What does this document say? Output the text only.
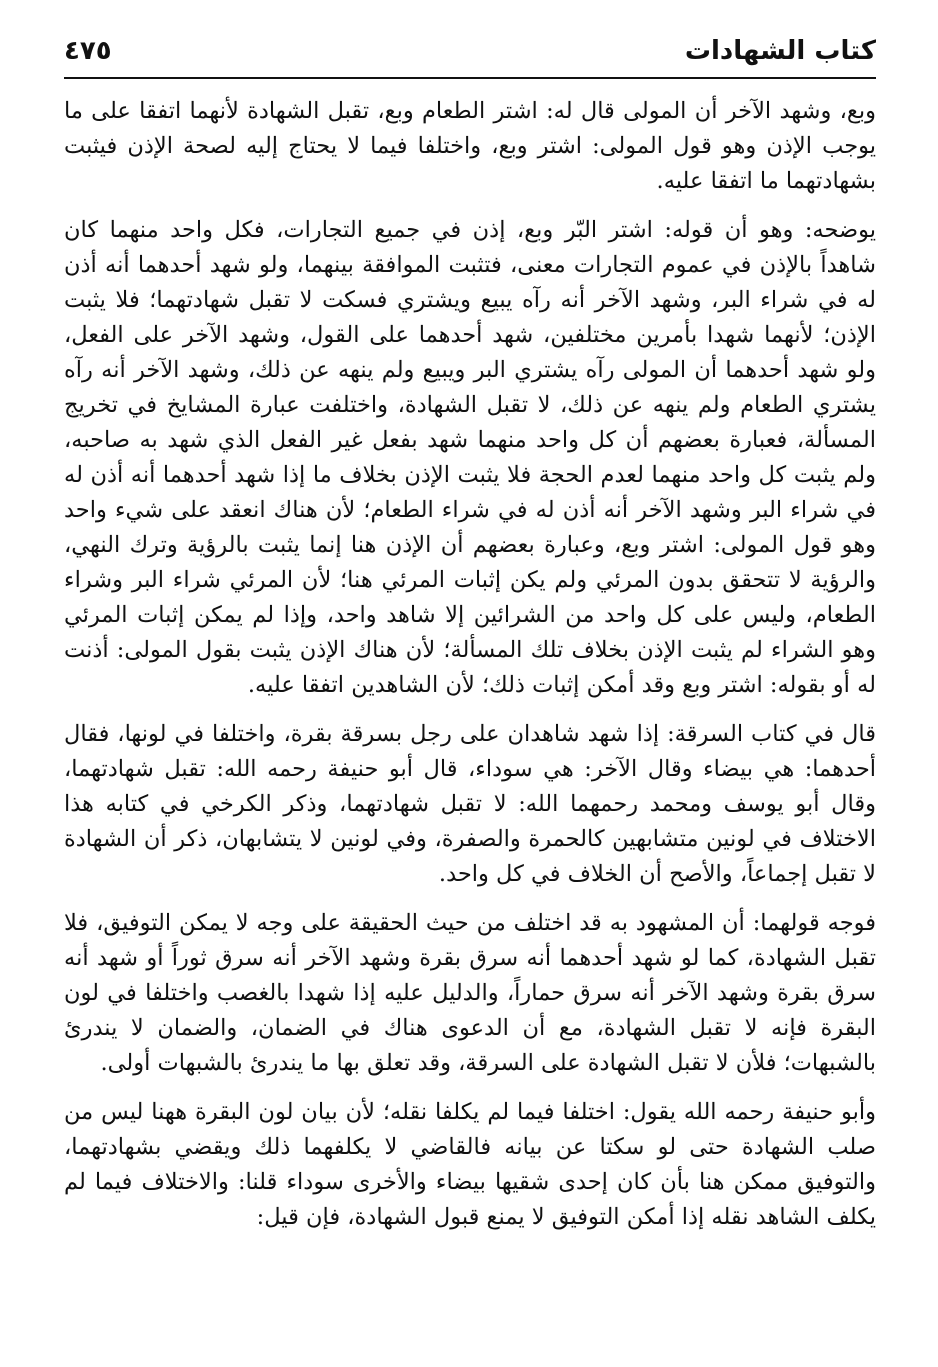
كتاب الشهادات
٤٧٥

وبع، وشهد الآخر أن المولى قال له: اشتر الطعام وبع، تقبل الشهادة لأنهما اتفقا على ما يوجب الإذن وهو قول المولى: اشتر وبع، واختلفا فيما لا يحتاج إليه لصحة الإذن فيثبت بشهادتهما ما اتفقا عليه.

يوضحه: وهو أن قوله: اشتر البّر وبع، إذن في جميع التجارات، فكل واحد منهما كان شاهداً بالإذن في عموم التجارات معنى، فتثبت الموافقة بينهما، ولو شهد أحدهما أنه أذن له في شراء البر، وشهد الآخر أنه رآه يبيع ويشتري فسكت لا تقبل شهادتهما؛ فلا يثبت الإذن؛ لأنهما شهدا بأمرين مختلفين، شهد أحدهما على القول، وشهد الآخر على الفعل، ولو شهد أحدهما أن المولى رآه يشتري البر ويبيع ولم ينهه عن ذلك، وشهد الآخر أنه رآه يشتري الطعام ولم ينهه عن ذلك، لا تقبل الشهادة، واختلفت عبارة المشايخ في تخريج المسألة، فعبارة بعضهم أن كل واحد منهما شهد بفعل غير الفعل الذي شهد به صاحبه، ولم يثبت كل واحد منهما لعدم الحجة فلا يثبت الإذن بخلاف ما إذا شهد أحدهما أنه أذن له في شراء البر وشهد الآخر أنه أذن له في شراء الطعام؛ لأن هناك انعقد على شيء واحد وهو قول المولى: اشتر وبع، وعبارة بعضهم أن الإذن هنا إنما يثبت بالرؤية وترك النهي، والرؤية لا تتحقق بدون المرئي ولم يكن إثبات المرئي هنا؛ لأن المرئي شراء البر وشراء الطعام، وليس على كل واحد من الشرائين إلا شاهد واحد، وإذا لم يمكن إثبات المرئي وهو الشراء لم يثبت الإذن بخلاف تلك المسألة؛ لأن هناك الإذن يثبت بقول المولى: أذنت له أو بقوله: اشتر وبع وقد أمكن إثبات ذلك؛ لأن الشاهدين اتفقا عليه.

قال في كتاب السرقة: إذا شهد شاهدان على رجل بسرقة بقرة، واختلفا في لونها، فقال أحدهما: هي بيضاء وقال الآخر: هي سوداء، قال أبو حنيفة رحمه الله: تقبل شهادتهما، وقال أبو يوسف ومحمد رحمهما الله: لا تقبل شهادتهما، وذكر الكرخي في كتابه هذا الاختلاف في لونين متشابهين كالحمرة والصفرة، وفي لونين لا يتشابهان، ذكر أن الشهادة لا تقبل إجماعاً، والأصح أن الخلاف في كل واحد.

فوجه قولهما: أن المشهود به قد اختلف من حيث الحقيقة على وجه لا يمكن التوفيق، فلا تقبل الشهادة، كما لو شهد أحدهما أنه سرق بقرة وشهد الآخر أنه سرق ثوراً أو شهد أنه سرق بقرة وشهد الآخر أنه سرق حماراً، والدليل عليه إذا شهدا بالغصب واختلفا في لون البقرة فإنه لا تقبل الشهادة، مع أن الدعوى هناك في الضمان، والضمان لا يندرئ بالشبهات؛ فلأن لا تقبل الشهادة على السرقة، وقد تعلق بها ما يندرئ بالشبهات أولى.

وأبو حنيفة رحمه الله يقول: اختلفا فيما لم يكلفا نقله؛ لأن بيان لون البقرة ههنا ليس من صلب الشهادة حتى لو سكتا عن بيانه فالقاضي لا يكلفهما ذلك ويقضي بشهادتهما، والتوفيق ممكن هنا بأن كان إحدى شقيها بيضاء والأخرى سوداء قلنا: والاختلاف فيما لم يكلف الشاهد نقله إذا أمكن التوفيق لا يمنع قبول الشهادة، فإن قيل:
